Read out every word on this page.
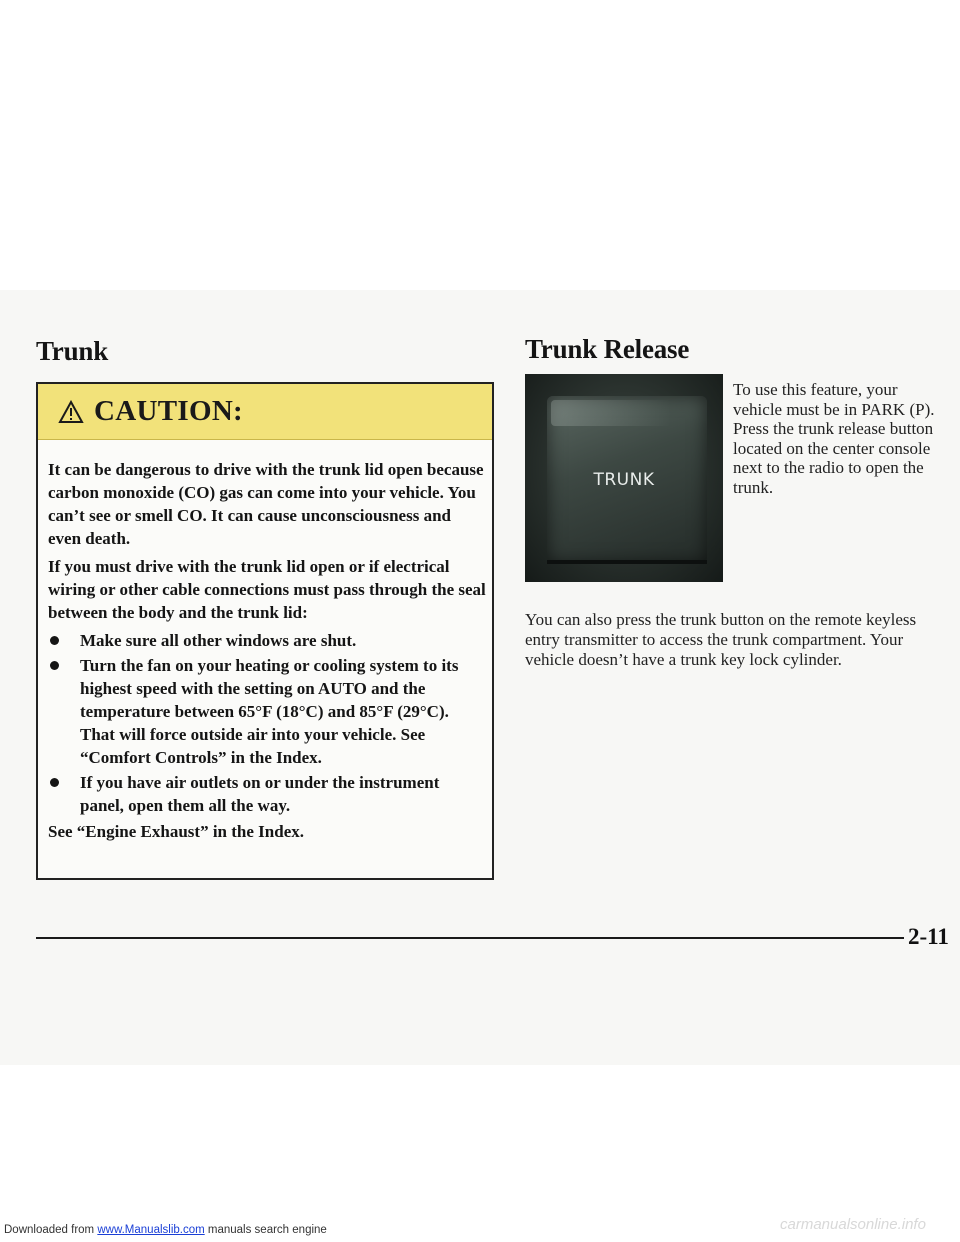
Trunk
CAUTION:

It can be dangerous to drive with the trunk lid open because carbon monoxide (CO) gas can come into your vehicle. You can’t see or smell CO. It can cause unconsciousness and even death.

If you must drive with the trunk lid open or if electrical wiring or other cable connections must pass through the seal between the body and the trunk lid:

Make sure all other windows are shut.
Turn the fan on your heating or cooling system to its highest speed with the setting on AUTO and the temperature between 65°F (18°C) and 85°F (29°C). That will force outside air into your vehicle. See “Comfort Controls” in the Index.
If you have air outlets on or under the instrument panel, open them all the way.

See “Engine Exhaust” in the Index.

Trunk Release
TRUNK

To use this feature, your vehicle must be in PARK (P). Press the trunk release button located on the center console next to the radio to open the trunk.

You can also press the trunk button on the remote keyless entry transmitter to access the trunk compartment. Your vehicle doesn’t have a trunk key lock cylinder.

2-11
Downloaded from www.Manualslib.com manuals search engine	carmanualsonline.info
